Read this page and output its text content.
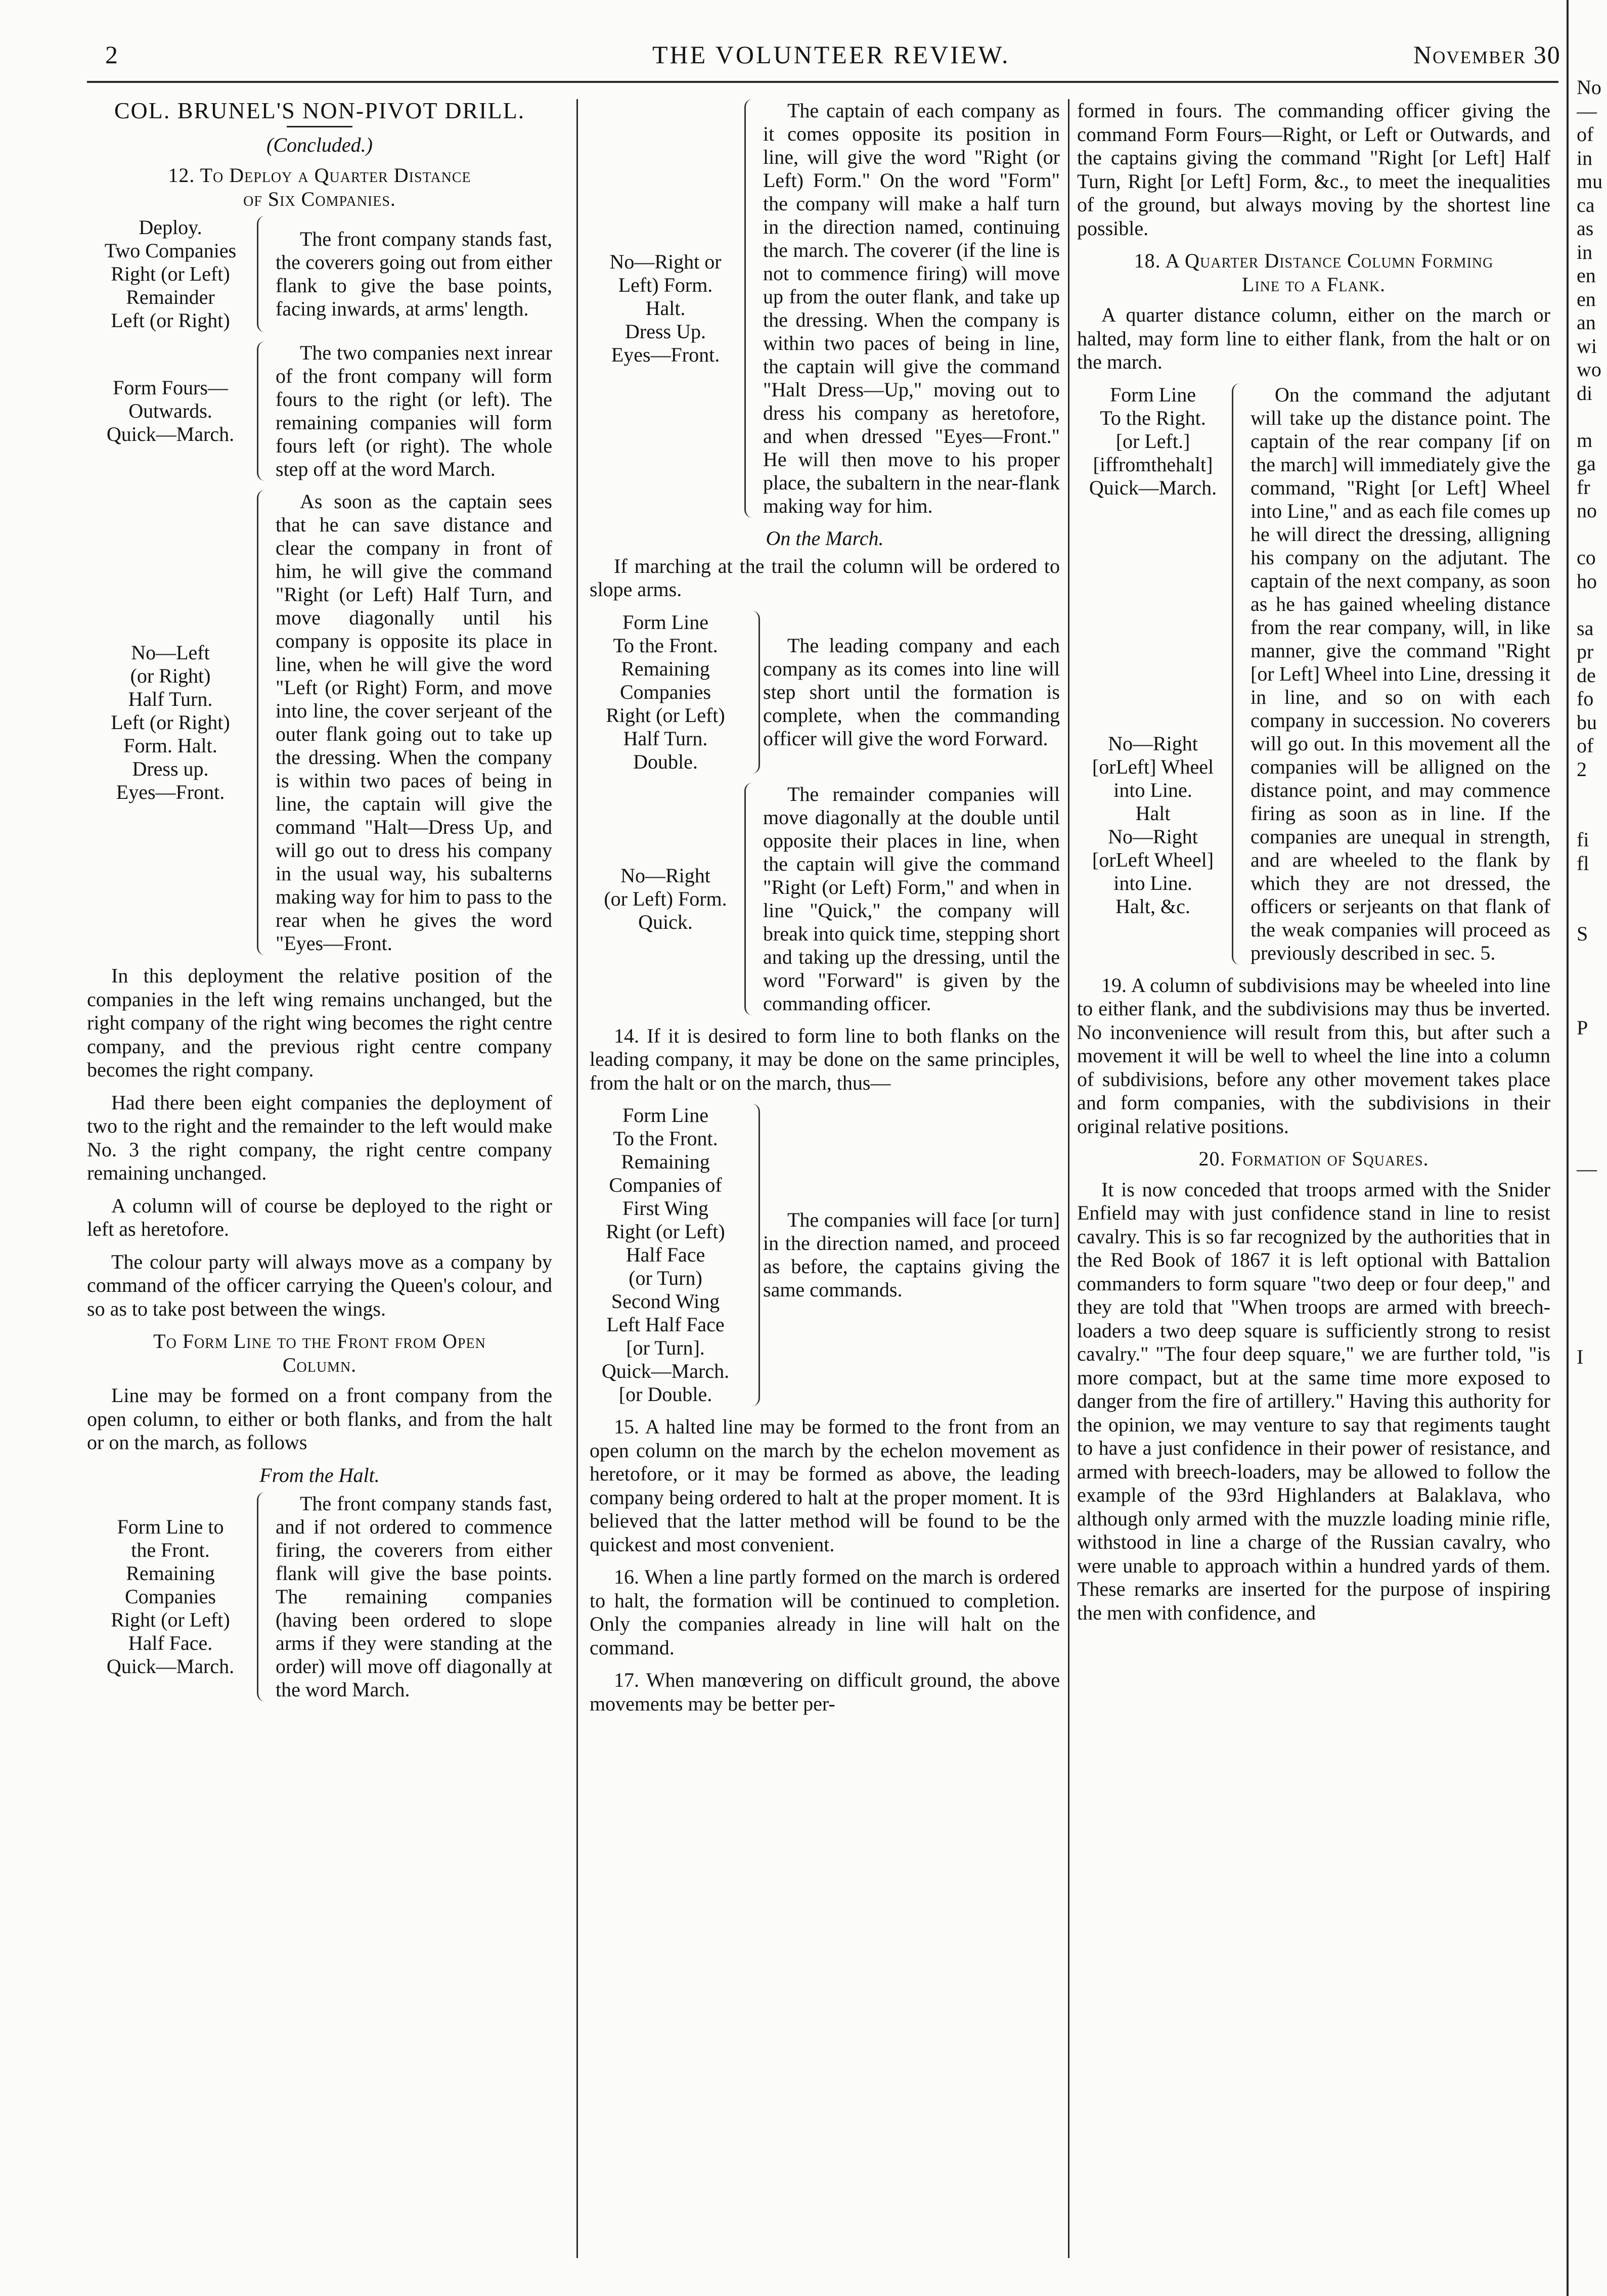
2	THE VOLUNTEER REVIEW.	November 30
COL. BRUNEL'S NON-PIVOT DRILL.
(Concluded.)
12. To Deploy a Quarter Distance
of Six Companies.
Deploy.
Two Companies
Right (or Left)
Remainder
Left (or Right)

The front company stands fast, the coverers going out from either flank to give the base points, facing inwards, at arms' length.

Form Fours—
Outwards.
Quick—March.

The two companies next inrear of the front company will form fours to the right (or left). The remaining companies will form fours left (or right). The whole step off at the word March.

No—Left
(or Right)
Half Turn.
Left (or Right)
Form. Halt.
Dress up.
Eyes—Front.

As soon as the captain sees that he can save distance and clear the company in front of him, he will give the command "Right (or Left) Half Turn, and move diagonally until his company is opposite its place in line, when he will give the word "Left (or Right) Form, and move into line, the cover serjeant of the outer flank going out to take up the dressing. When the company is within two paces of being in line, the captain will give the command "Halt—Dress Up, and will go out to dress his company in the usual way, his subalterns making way for him to pass to the rear when he gives the word "Eyes—Front.

In this deployment the relative position of the companies in the left wing remains unchanged, but the right company of the right wing becomes the right centre company, and the previous right centre company becomes the right company.

Had there been eight companies the deployment of two to the right and the remainder to the left would make No. 3 the right company, the right centre company remaining unchanged.

A column will of course be deployed to the right or left as heretofore.

The colour party will always move as a company by command of the officer carrying the Queen's colour, and so as to take post between the wings.

To Form Line to the Front from Open
Column.

Line may be formed on a front company from the open column, to either or both flanks, and from the halt or on the march, as follows

From the Halt.
Form Line to
the Front.
Remaining
Companies
Right (or Left)
Half Face.
Quick—March.

The front company stands fast, and if not ordered to commence firing, the coverers from either flank will give the base points. The remaining companies (having been ordered to slope arms if they were standing at the order) will move off diagonally at the word March.

No—Right or
Left) Form.
Halt.
Dress Up.
Eyes—Front.

The captain of each company as it comes opposite its position in line, will give the word "Right (or Left) Form." On the word "Form" the company will make a half turn in the direction named, continuing the march. The coverer (if the line is not to commence firing) will move up from the outer flank, and take up the dressing. When the company is within two paces of being in line, the captain will give the command "Halt Dress—Up," moving out to dress his company as heretofore, and when dressed "Eyes—Front." He will then move to his proper place, the subaltern in the near-flank making way for him.

On the March.

If marching at the trail the column will be ordered to slope arms.

Form Line
To the Front.
Remaining
Companies
Right (or Left)
Half Turn.
Double.

The leading company and each company as its comes into line will step short until the formation is complete, when the commanding officer will give the word Forward.

No—Right
(or Left) Form.
Quick.

The remainder companies will move diagonally at the double until opposite their places in line, when the captain will give the command "Right (or Left) Form," and when in line "Quick," the company will break into quick time, stepping short and taking up the dressing, until the word "Forward" is given by the commanding officer.

14. If it is desired to form line to both flanks on the leading company, it may be done on the same principles, from the halt or on the march, thus—

Form Line
To the Front.
Remaining
Companies of
First Wing
Right (or Left)
Half Face
(or Turn)
Second Wing
Left Half Face
[or Turn].
Quick—March.
[or Double.

The companies will face [or turn] in the direction named, and proceed as before, the captains giving the same commands.

15. A halted line may be formed to the front from an open column on the march by the echelon movement as heretofore, or it may be formed as above, the leading company being ordered to halt at the proper moment. It is believed that the latter method will be found to be the quickest and most convenient.

16. When a line partly formed on the march is ordered to halt, the formation will be continued to completion. Only the companies already in line will halt on the command.

17. When manœvering on difficult ground, the above movements may be better per-

formed in fours. The commanding officer giving the command Form Fours—Right, or Left or Outwards, and the captains giving the command "Right [or Left] Half Turn, Right [or Left] Form, &c., to meet the inequalities of the ground, but always moving by the shortest line possible.

18. A Quarter Distance Column Forming
Line to a Flank.

A quarter distance column, either on the march or halted, may form line to either flank, from the halt or on the march.

Form Line
To the Right.
[or Left.]
[iffromthehalt]
Quick—March.

No—Right
[orLeft] Wheel
into Line.
Halt
No—Right
[orLeft Wheel]
into Line.
Halt, &c.

On the command the adjutant will take up the distance point. The captain of the rear company [if on the march] will immediately give the command, "Right [or Left] Wheel into Line," and as each file comes up he will direct the dressing, alligning his company on the adjutant. The captain of the next company, as soon as he has gained wheeling distance from the rear company, will, in like manner, give the command "Right [or Left] Wheel into Line, dressing it in line, and so on with each company in succession. No coverers will go out. In this movement all the companies will be alligned on the distance point, and may commence firing as soon as in line. If the companies are unequal in strength, and are wheeled to the flank by which they are not dressed, the officers or serjeants on that flank of the weak companies will proceed as previously described in sec. 5.

19. A column of subdivisions may be wheeled into line to either flank, and the subdivisions may thus be inverted. No inconvenience will result from this, but after such a movement it will be well to wheel the line into a column of subdivisions, before any other movement takes place and form companies, with the subdivisions in their original relative positions.

20. Formation of Squares.

It is now conceded that troops armed with the Snider Enfield may with just confidence stand in line to resist cavalry. This is so far recognized by the authorities that in the Red Book of 1867 it is left optional with Battalion commanders to form square "two deep or four deep," and they are told that "When troops are armed with breech-loaders a two deep square is sufficiently strong to resist cavalry." "The four deep square," we are further told, "is more compact, but at the same time more exposed to danger from the fire of artillery." Having this authority for the opinion, we may venture to say that regiments taught to have a just confidence in their power of resistance, and armed with breech-loaders, may be allowed to follow the example of the 93rd Highlanders at Balaklava, who although only armed with the muzzle loading minie rifle, withstood in line a charge of the Russian cavalry, who were unable to approach within a hundred yards of them. These remarks are inserted for the purpose of inspiring the men with confidence, and

No
—
of
in
mu
ca
as
in
en
en
an
wi
wo
di
m
ga
fr
no
co
ho
sa
pr
de
fo
bu
of
2
fi
fl
S
P
—
I
